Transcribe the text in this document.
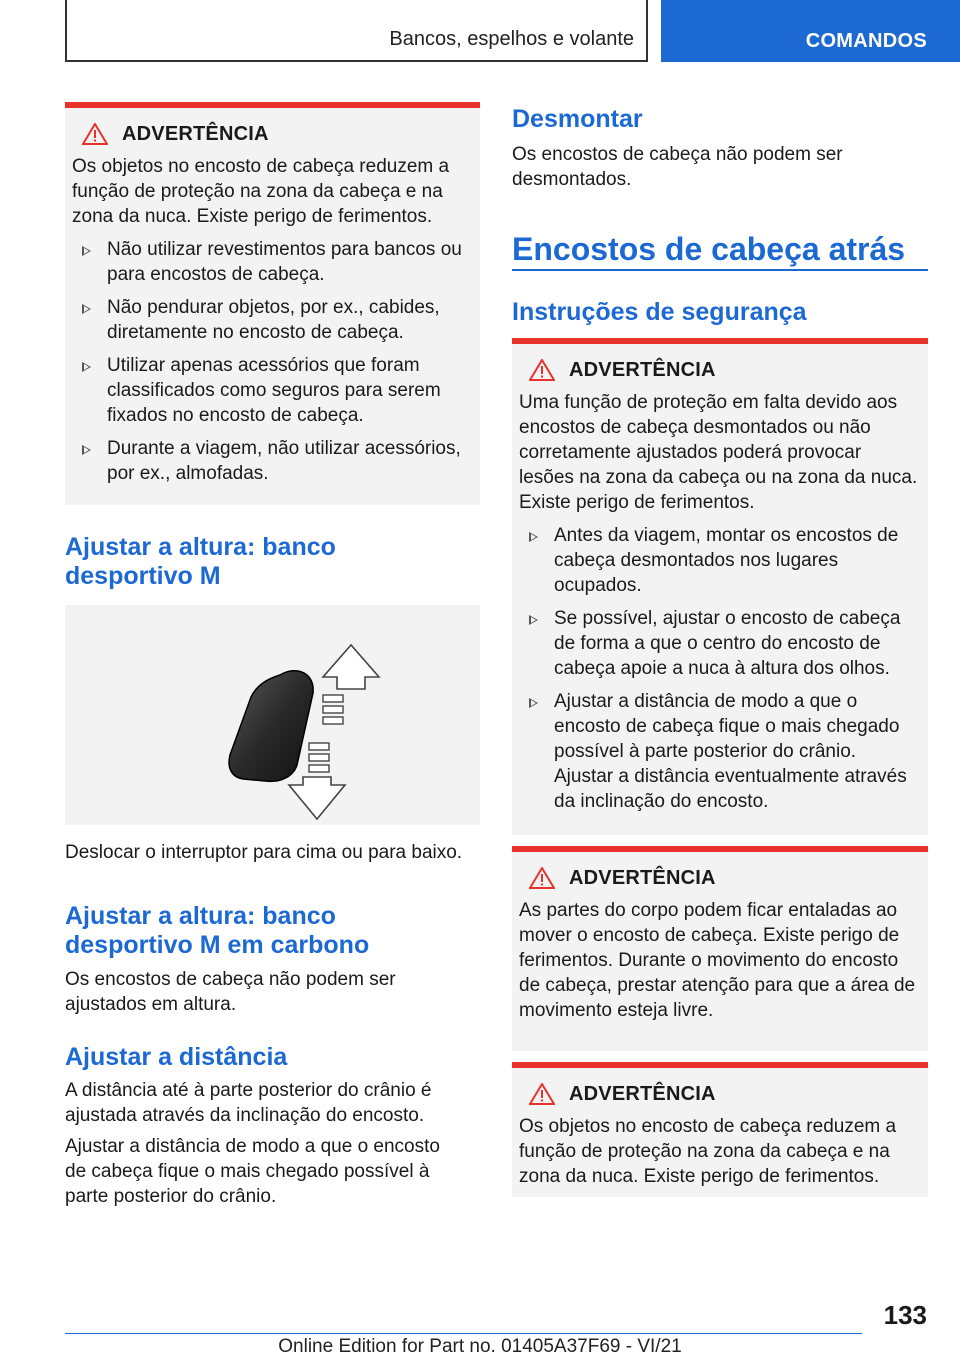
Bancos, espelhos e volante	COMANDOS
ADVERTÊNCIA

Os objetos no encosto de cabeça reduzem a função de proteção na zona da cabeça e na zona da nuca. Existe perigo de ferimentos.

Não utilizar revestimentos para bancos ou para encostos de cabeça.
Não pendurar objetos, por ex., cabides, diretamente no encosto de cabeça.
Utilizar apenas acessórios que foram classificados como seguros para serem fixados no encosto de cabeça.
Durante a viagem, não utilizar acessórios, por ex., almofadas.
Ajustar a altura: banco desportivo M

Deslocar o interruptor para cima ou para baixo.

Ajustar a altura: banco desportivo M em carbono

Os encostos de cabeça não podem ser ajustados em altura.

Ajustar a distância

A distância até à parte posterior do crânio é ajustada através da inclinação do encosto.

Ajustar a distância de modo a que o encosto de cabeça fique o mais chegado possível à parte posterior do crânio.

Desmontar

Os encostos de cabeça não podem ser desmontados.

Encostos de cabeça atrás
Instruções de segurança
ADVERTÊNCIA

Uma função de proteção em falta devido aos encostos de cabeça desmontados ou não corretamente ajustados poderá provocar lesões na zona da cabeça ou na zona da nuca. Existe perigo de ferimentos.

Antes da viagem, montar os encostos de cabeça desmontados nos lugares ocupados.
Se possível, ajustar o encosto de cabeça de forma a que o centro do encosto de cabeça apoie a nuca à altura dos olhos.
Ajustar a distância de modo a que o encosto de cabeça fique o mais chegado possível à parte posterior do crânio. Ajustar a distância eventualmente através da inclinação do encosto.
ADVERTÊNCIA

As partes do corpo podem ficar entaladas ao mover o encosto de cabeça. Existe perigo de ferimentos. Durante o movimento do encosto de cabeça, prestar atenção para que a área de movimento esteja livre.

ADVERTÊNCIA

Os objetos no encosto de cabeça reduzem a função de proteção na zona da cabeça e na zona da nuca. Existe perigo de ferimentos.

133
Online Edition for Part no. 01405A37F69 - VI/21
